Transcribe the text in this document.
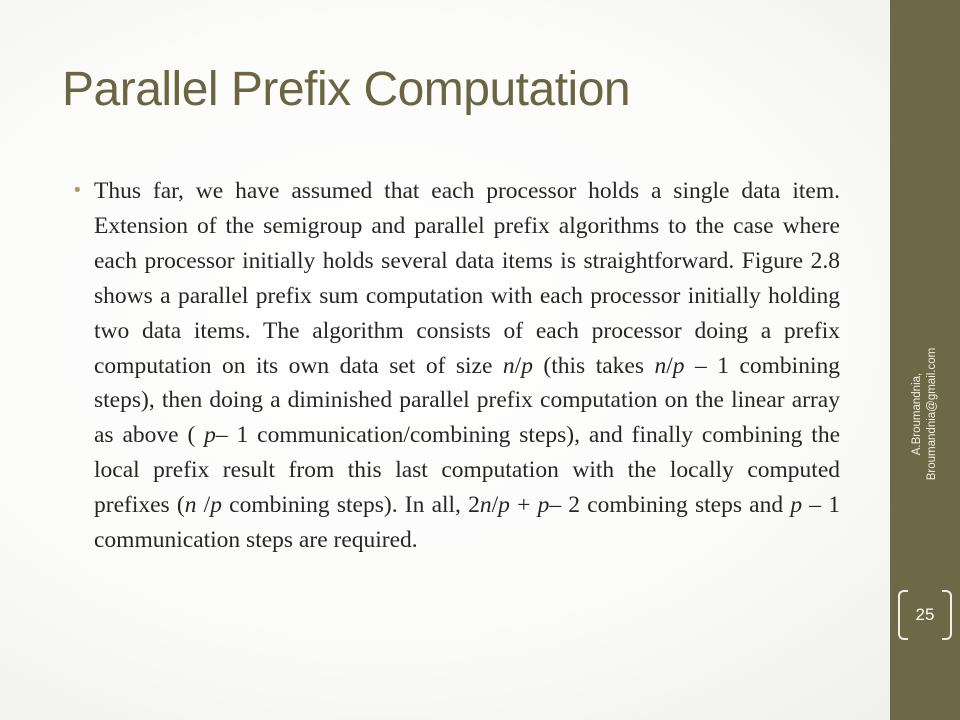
Parallel Prefix Computation
• Thus far, we have assumed that each processor holds a single data item. Extension of the semigroup and parallel prefix algorithms to the case where each processor initially holds several data items is straightforward. Figure 2.8 shows a parallel prefix sum computation with each processor initially holding two data items. The algorithm consists of each processor doing a prefix computation on its own data set of size n/p (this takes n/p – 1 combining steps), then doing a diminished parallel prefix computation on the linear array as above ( p– 1 communication/combining steps), and finally combining the local prefix result from this last computation with the locally computed prefixes (n /p combining steps). In all, 2n/p + p– 2 combining steps and p – 1 communication steps are required.
A.Broumandnia, Broumandnia@gmail.com
25
